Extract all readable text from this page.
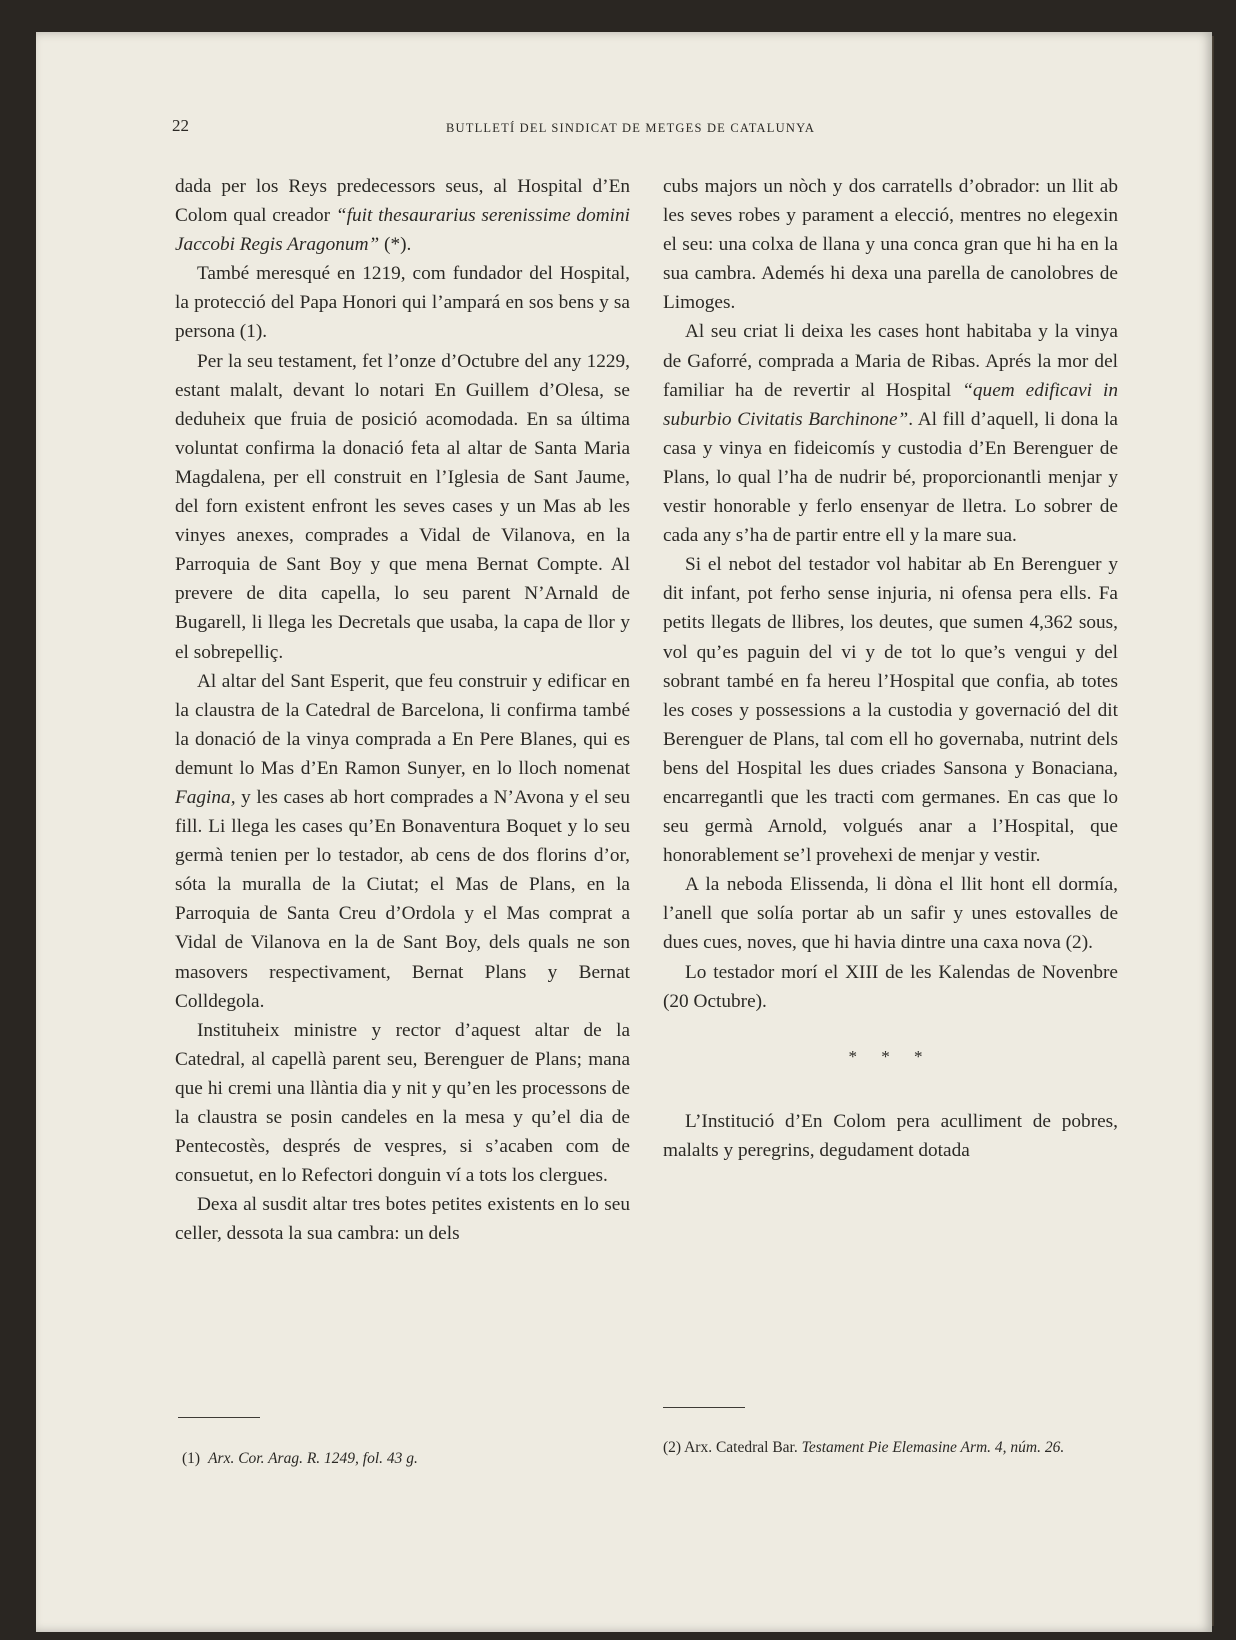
22	BUTLLETÍ DEL SINDICAT DE METGES DE CATALUNYA

dada per los Reys predecessors seus, al Hospital d’En Colom qual creador “fuit thesaurarius serenissime domini Jaccobi Regis Aragonum” (*).

També meresqué en 1219, com fundador del Hospital, la protecció del Papa Honori qui l’ampará en sos bens y sa persona (1).

Per la seu testament, fet l’onze d’Octubre del any 1229, estant malalt, devant lo notari En Guillem d’Olesa, se deduheix que fruia de posició acomodada. En sa última voluntat confirma la donació feta al altar de Santa Maria Magdalena, per ell construit en l’Iglesia de Sant Jaume, del forn existent enfront les seves cases y un Mas ab les vinyes anexes, comprades a Vidal de Vilanova, en la Parroquia de Sant Boy y que mena Bernat Compte. Al prevere de dita capella, lo seu parent N’Arnald de Bugarell, li llega les Decretals que usaba, la capa de llor y el sobrepelliç.

Al altar del Sant Esperit, que feu construir y edificar en la claustra de la Catedral de Barcelona, li confirma també la donació de la vinya comprada a En Pere Blanes, qui es demunt lo Mas d’En Ramon Sunyer, en lo lloch nomenat Fagina, y les cases ab hort comprades a N’Avona y el seu fill. Li llega les cases qu’En Bonaventura Boquet y lo seu germà tenien per lo testador, ab cens de dos florins d’or, sóta la muralla de la Ciutat; el Mas de Plans, en la Parroquia de Santa Creu d’Ordola y el Mas comprat a Vidal de Vilanova en la de Sant Boy, dels quals ne son masovers respectivament, Bernat Plans y Bernat Colldegola.

Instituheix ministre y rector d’aquest altar de la Catedral, al capellà parent seu, Berenguer de Plans; mana que hi cremi una llàntia dia y nit y qu’en les processons de la claustra se posin candeles en la mesa y qu’el dia de Pentecostès, després de vespres, si s’acaben com de consuetut, en lo Refectori donguin ví a tots los clergues.

Dexa al susdit altar tres botes petites existents en lo seu celler, dessota la sua cambra: un dels

cubs majors un nòch y dos carratells d’obrador: un llit ab les seves robes y parament a elecció, mentres no elegexin el seu: una colxa de llana y una conca gran que hi ha en la sua cambra. Ademés hi dexa una parella de canolobres de Limoges.

Al seu criat li deixa les cases hont habitaba y la vinya de Gaforré, comprada a Maria de Ribas. Aprés la mor del familiar ha de revertir al Hospital “quem edificavi in suburbio Civitatis Barchinone”. Al fill d’aquell, li dona la casa y vinya en fideicomís y custodia d’En Berenguer de Plans, lo qual l’ha de nudrir bé, proporcionantli menjar y vestir honorable y ferlo ensenyar de lletra. Lo sobrer de cada any s’ha de partir entre ell y la mare sua.

Si el nebot del testador vol habitar ab En Berenguer y dit infant, pot ferho sense injuria, ni ofensa pera ells. Fa petits llegats de llibres, los deutes, que sumen 4,362 sous, vol qu’es paguin del vi y de tot lo que’s vengui y del sobrant també en fa hereu l’Hospital que confia, ab totes les coses y possessions a la custodia y governació del dit Berenguer de Plans, tal com ell ho governaba, nutrint dels bens del Hospital les dues criades Sansona y Bonaciana, encarregantli que les tracti com germanes. En cas que lo seu germà Arnold, volgués anar a l’Hospital, que honorablement se’l provehexi de menjar y vestir.

A la neboda Elissenda, li dòna el llit hont ell dormía, l’anell que solía portar ab un safir y unes estovalles de dues cues, noves, que hi havia dintre una caxa nova (2).

Lo testador morí el XIII de les Kalendas de Novenbre (20 Octubre).

* * *

L’Institució d’En Colom pera aculliment de pobres, malalts y peregrins, degudament dotada

(1) Arx. Cor. Arag. R. 1249, fol. 43 g.
(2) Arx. Catedral Bar. Testament Pie Elemasine Arm. 4, núm. 26.
